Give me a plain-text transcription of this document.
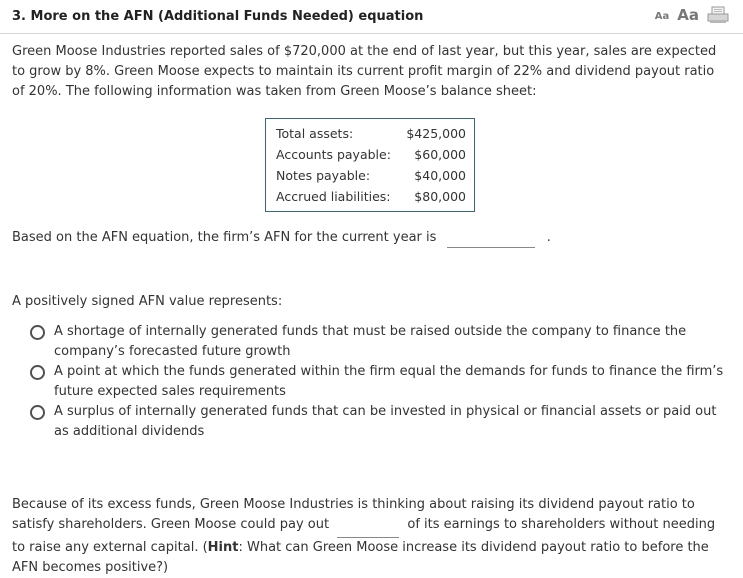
3. More on the AFN (Additional Funds Needed) equation	Aa Aa

Green Moose Industries reported sales of $720,000 at the end of last year, but this year, sales are expected to grow by 8%. Green Moose expects to maintain its current profit margin of 22% and dividend payout ratio of 20%. The following information was taken from Green Moose’s balance sheet:

Total assets:	$425,000
Accounts payable:	$60,000
Notes payable:	$40,000
Accrued liabilities:	$80,000
Based on the AFN equation, the firm’s AFN for the current year is	.
A positively signed AFN value represents:
A shortage of internally generated funds that must be raised outside the company to finance the company’s forecasted future growth
A point at which the funds generated within the firm equal the demands for funds to finance the firm’s future expected sales requirements
A surplus of internally generated funds that can be invested in physical or financial assets or paid out as additional dividends

Because of its excess funds, Green Moose Industries is thinking about raising its dividend payout ratio to satisfy shareholders. Green Moose could pay out	of its earnings to shareholders without needing to raise any external capital. (Hint: What can Green Moose increase its dividend payout ratio to before the AFN becomes positive?)
